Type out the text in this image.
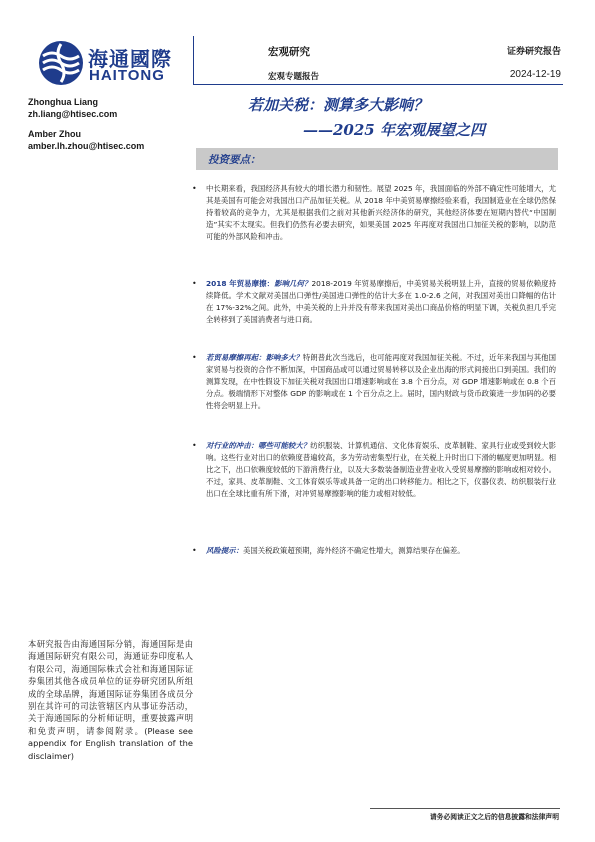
海通國際
HAITONG
宏观研究
宏观专题报告
证券研究报告
2024-12-19
Zhonghua Liang
zh.liang@htisec.com
Amber Zhou
amber.lh.zhou@htisec.com
若加关税：测算多大影响？
——2025 年宏观展望之四
投资要点：
• 中长期来看，我国经济具有较大的增长潜力和韧性。展望 2025 年，我国面临的外部不确定性可能增大，尤其是美国有可能会对我国出口产品加征关税。从 2018 年中美贸易摩擦经验来看，我国制造业在全球仍然保持着较高的竞争力，尤其是根据我们之前对其他新兴经济体的研究，其他经济体要在短期内替代“中国制造”其实不太现实。但我们仍然有必要去研究，如果美国 2025 年再度对我国出口加征关税的影响，以防范可能的外部风险和冲击。
• 2018 年贸易摩擦：影响几何？2018-2019 年贸易摩擦后，中美贸易关税明显上升，直接的贸易依赖度持续降低。学术文献对美国出口弹性/美国进口弹性的估计大多在 1.0-2.6 之间，对我国对美出口降幅的估计在 17%-32%之间。此外，中美关税的上升并没有带来我国对美出口商品价格的明显下调，关税负担几乎完全转移到了美国消费者与进口商。
• 若贸易摩擦再起：影响多大？特朗普此次当选后，也可能再度对我国加征关税。不过，近年来我国与其他国家贸易与投资的合作不断加深，中国商品或可以通过贸易转移以及企业出海的形式间接出口到美国。我们的测算发现，在中性假设下加征关税对我国出口增速影响或在 3.8 个百分点，对 GDP 增速影响或在 0.8 个百分点。极端情形下对整体 GDP 的影响或在 1 个百分点之上。届时，国内财政与货币政策进一步加码的必要性将会明显上升。
• 对行业的冲击：哪些可能较大？纺织服装、计算机通信、文化体育娱乐、皮革制鞋、家具行业或受到较大影响。这些行业对出口的依赖度普遍较高，多为劳动密集型行业，在关税上升时出口下滑的幅度更加明显。相比之下，出口依赖度较低的下游消费行业，以及大多数装备制造业营业收入受贸易摩擦的影响或相对较小。不过，家具、皮革制鞋、文工体育娱乐等或具备一定的出口转移能力。相比之下，仪器仪表、纺织服装行业出口在全球比重有所下滑，对冲贸易摩擦影响的能力或相对较低。
• 风险提示：美国关税政策超预期，海外经济不确定性增大，测算结果存在偏差。
本研究报告由海通国际分销，海通国际是由海通国际研究有限公司，海通证券印度私人有限公司，海通国际株式会社和海通国际证券集团其他各成员单位的证券研究团队所组成的全球品牌，海通国际证券集团各成员分别在其许可的司法管辖区内从事证券活动，关于海通国际的分析师证明，重要披露声明和免责声明，请参阅附录。(Please see appendix for English translation of the disclaimer)
请务必阅读正文之后的信息披露和法律声明
